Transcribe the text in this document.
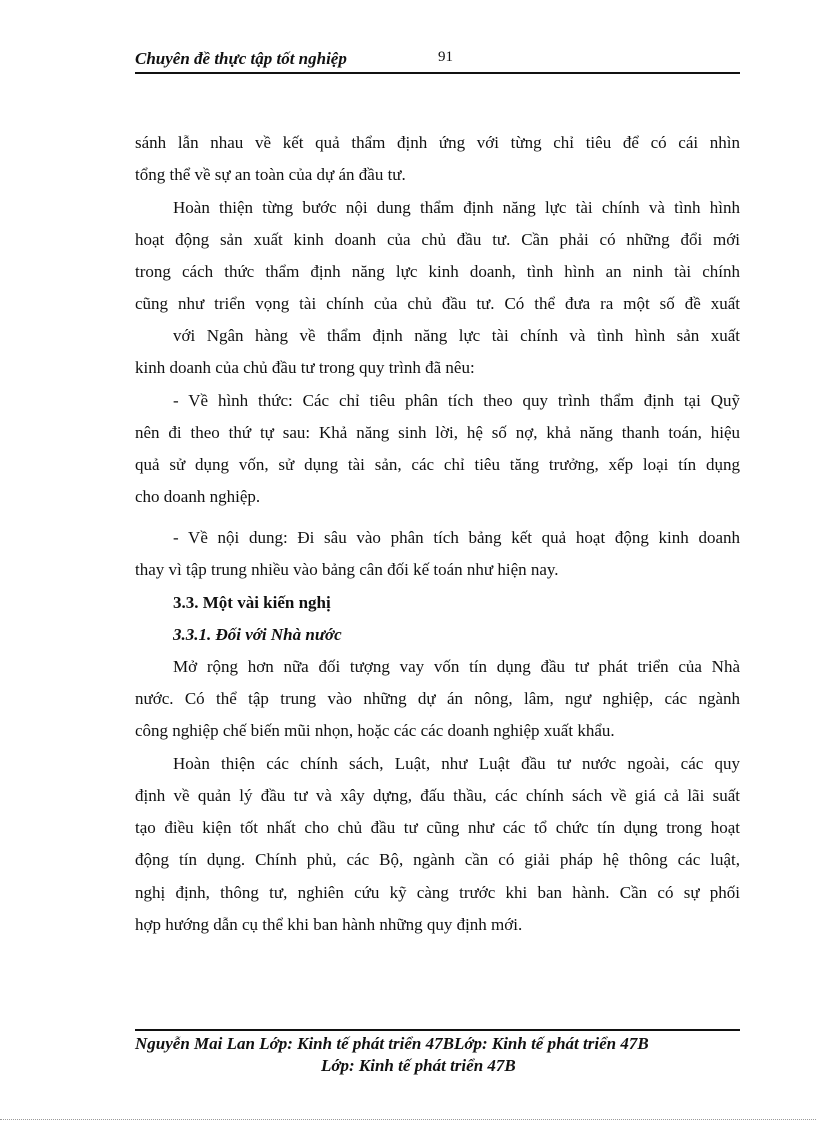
Chuyên đề thực tập tốt nghiệp	91
sánh lẫn nhau về kết quả thẩm định ứng với từng chỉ tiêu để có cái nhìn
tổng thể về sự an toàn của dự án đầu tư.
Hoàn thiện từng bước nội dung thẩm định năng lực tài chính và tình hình
hoạt động sản xuất kinh doanh của chủ đầu tư. Cần phải có những đổi mới
trong cách thức thẩm định năng lực kinh doanh, tình hình an ninh tài chính
cũng như triển vọng tài chính của chủ đầu tư. Có thể đưa ra một số đề xuất
với Ngân hàng về thẩm định năng lực tài chính và tình hình sản xuất
kinh doanh của chủ đầu tư trong quy trình đã nêu:
- Về hình thức: Các chỉ tiêu phân tích theo quy trình thẩm định tại Quỹ
nên đi theo thứ tự sau: Khả năng sinh lời, hệ số nợ, khả năng thanh toán, hiệu
quả sử dụng vốn, sử dụng tài sản, các chỉ tiêu tăng trưởng, xếp loại tín dụng
cho doanh nghiệp.
- Về nội dung: Đi sâu vào phân tích bảng kết quả hoạt động kinh doanh
thay vì tập trung nhiều vào bảng cân đối kế toán như hiện nay.
3.3. Một vài kiến nghị
3.3.1. Đối với Nhà nước
Mở rộng hơn nữa đối tượng vay vốn tín dụng đầu tư phát triển của Nhà
nước. Có thể tập trung vào những dự án nông, lâm, ngư nghiệp, các ngành
công nghiệp chế biến mũi nhọn, hoặc các các doanh nghiệp xuất khẩu.
Hoàn thiện các chính sách, Luật, như Luật đầu tư nước ngoài, các quy
định về quản lý đầu tư và xây dựng, đấu thầu, các chính sách về giá cả lãi suất
tạo điều kiện tốt nhất cho chủ đầu tư cũng như các tổ chức tín dụng trong hoạt
động tín dụng. Chính phủ, các Bộ, ngành cần có giải pháp hệ thông các luật,
nghị định, thông tư, nghiên cứu kỹ càng trước khi ban hành. Cần có sự phối
hợp hướng dẫn cụ thể khi ban hành những quy định mới.
Nguyễn Mai Lan Lớp: Kinh tế phát triển 47BLớp: Kinh tế phát triển 47B
Lớp: Kinh tế phát triển 47B
